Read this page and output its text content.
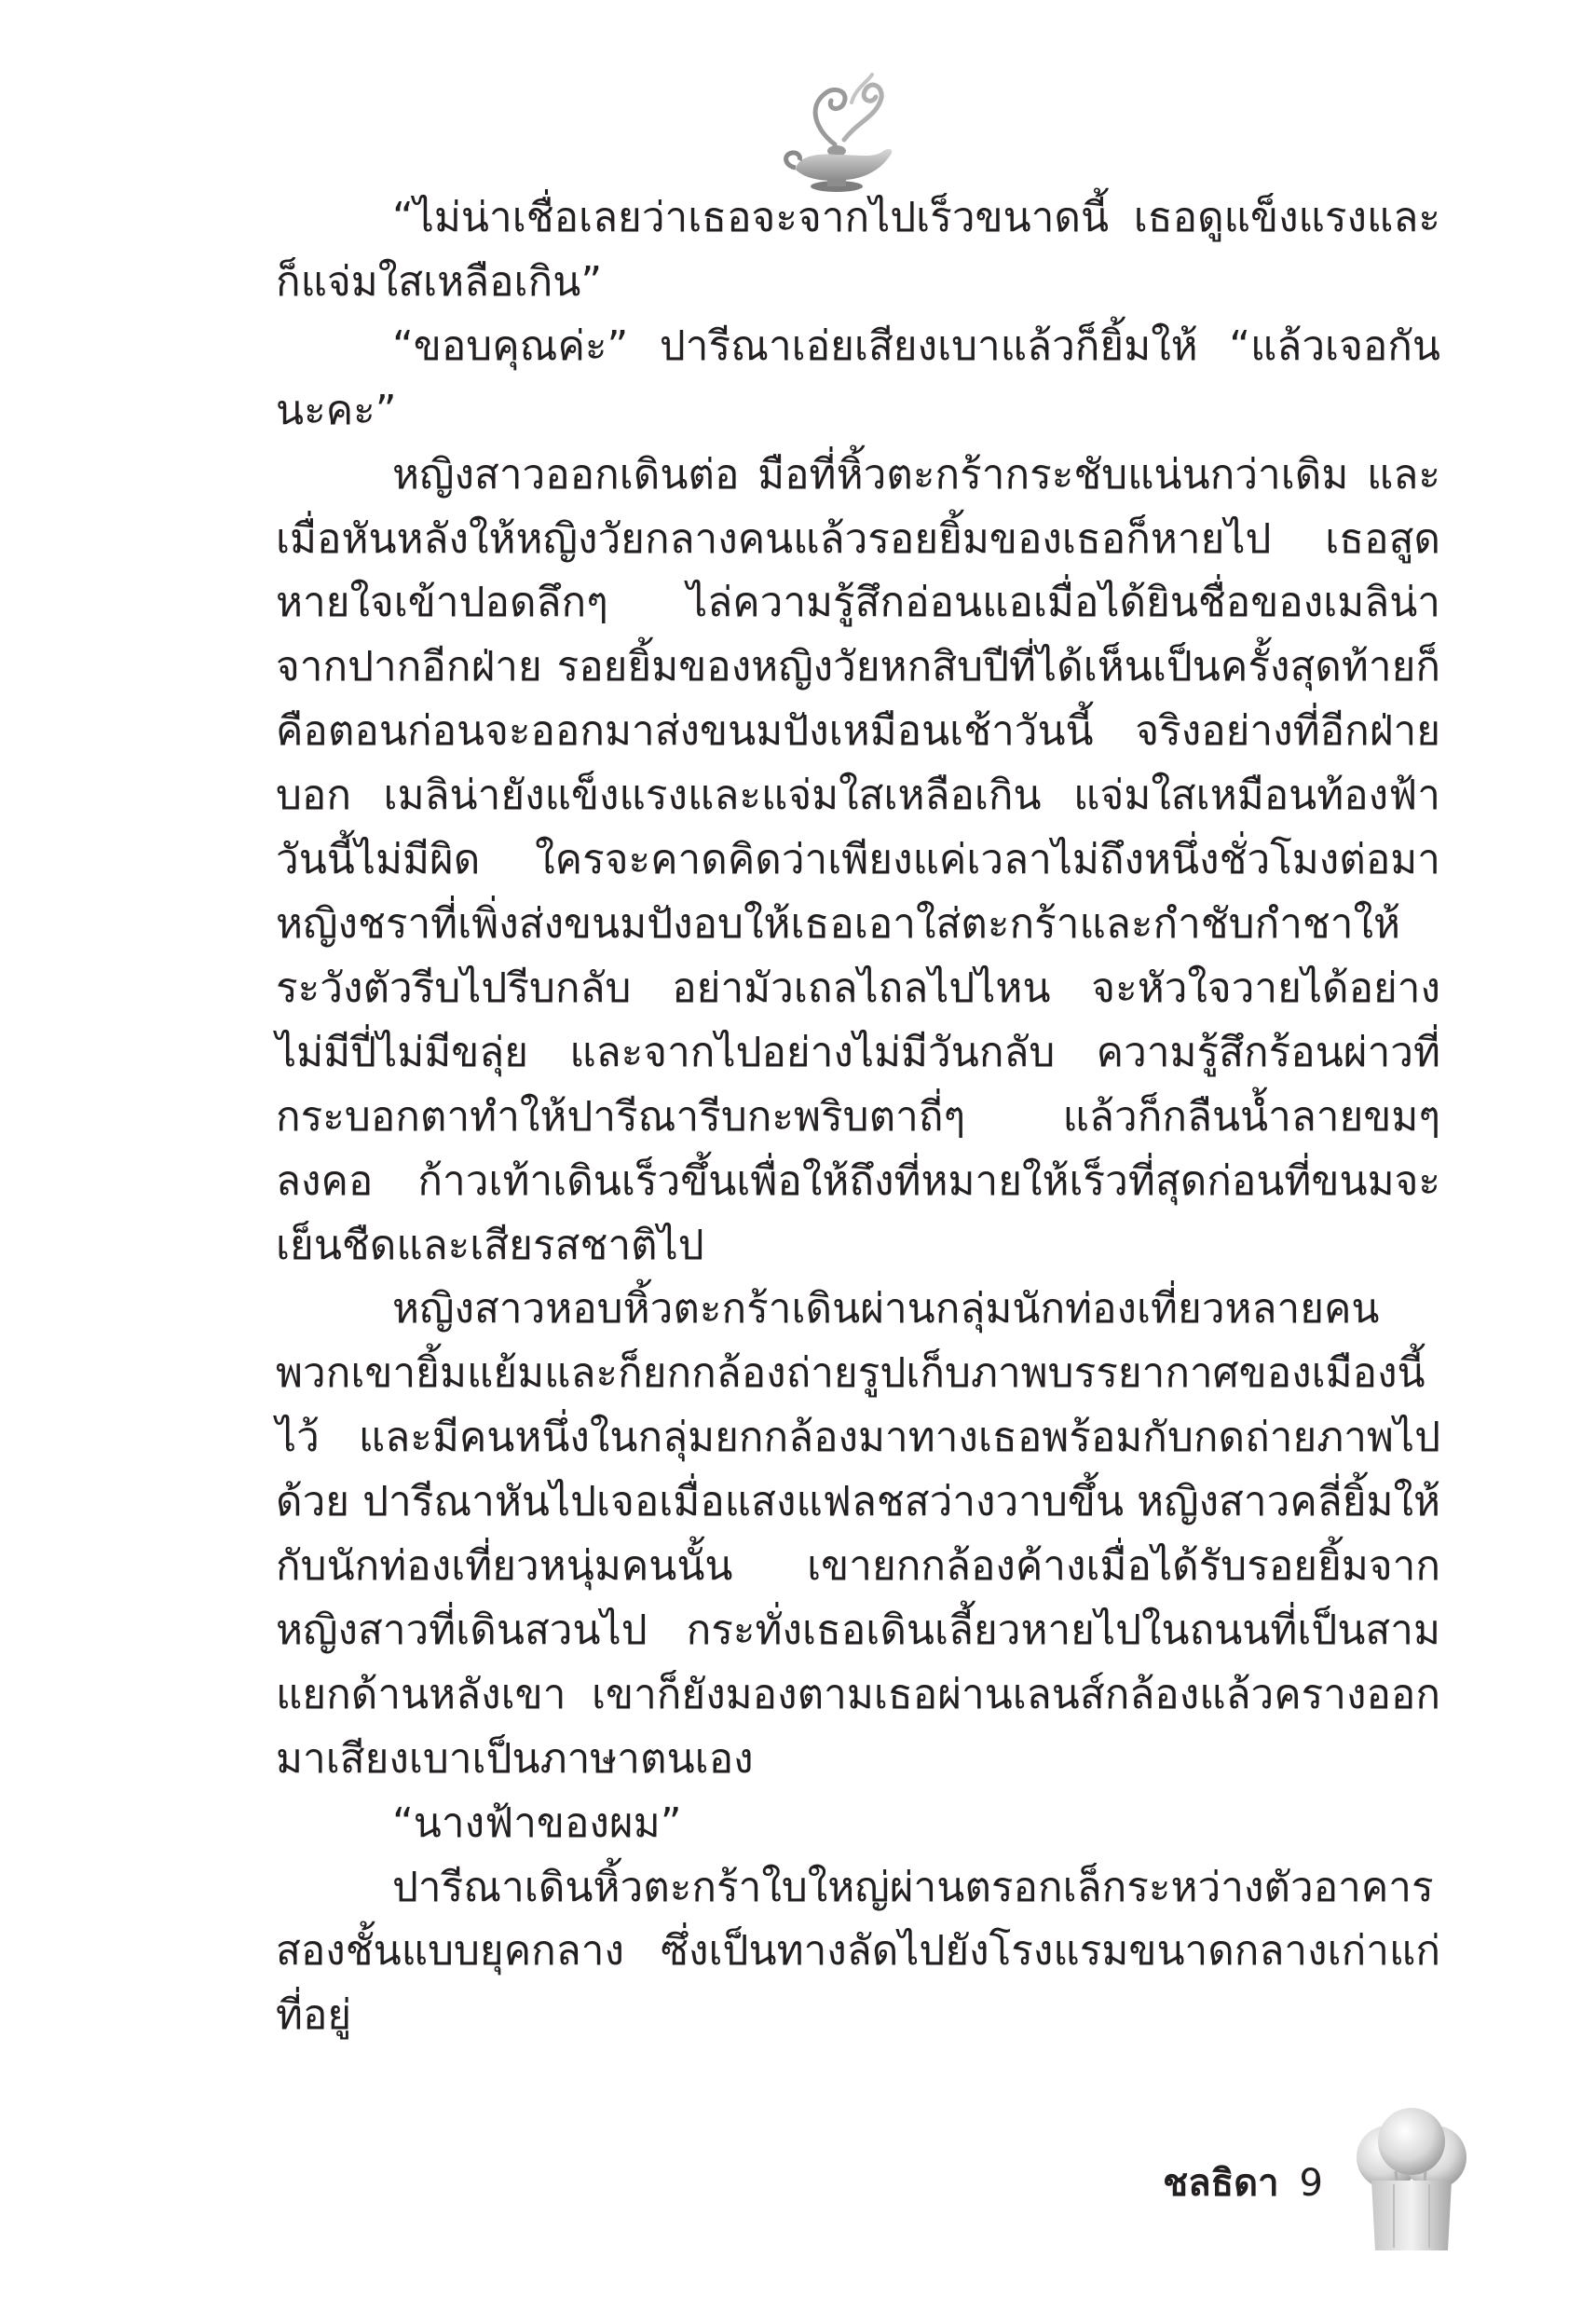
“ไม่น่าเชื่อเลยว่าเธอจะจากไปเร็วขนาดนี้ เธอดูแข็งแรงและก็แจ่มใสเหลือเกิน”

“ขอบคุณค่ะ” ปารีณาเอ่ยเสียงเบาแล้วก็ยิ้มให้ “แล้วเจอกันนะคะ”

หญิงสาวออกเดินต่อ มือที่หิ้วตะกร้ากระชับแน่นกว่าเดิม และเมื่อหันหลังให้หญิงวัยกลางคนแล้วรอยยิ้มของเธอก็หายไป เธอสูดหายใจเข้าปอดลึกๆ ไล่ความรู้สึกอ่อนแอเมื่อได้ยินชื่อของเมลิน่าจากปากอีกฝ่าย รอยยิ้มของหญิงวัยหกสิบปีที่ได้เห็นเป็นครั้งสุดท้ายก็คือตอนก่อนจะออกมาส่งขนมปังเหมือนเช้าวันนี้ จริงอย่างที่อีกฝ่ายบอก เมลิน่ายังแข็งแรงและแจ่มใสเหลือเกิน แจ่มใสเหมือนท้องฟ้าวันนี้ไม่มีผิด ใครจะคาดคิดว่าเพียงแค่เวลาไม่ถึงหนึ่งชั่วโมงต่อมา หญิงชราที่เพิ่งส่งขนมปังอบให้เธอเอาใส่ตะกร้าและกำชับกำชาให้ระวังตัวรีบไปรีบกลับ อย่ามัวเถลไถลไปไหน จะหัวใจวายได้อย่างไม่มีปี่ไม่มีขลุ่ย และจากไปอย่างไม่มีวันกลับ ความรู้สึกร้อนผ่าวที่กระบอกตาทำให้ปารีณารีบกะพริบตาถี่ๆ แล้วก็กลืนน้ำลายขมๆ ลงคอ ก้าวเท้าเดินเร็วขึ้นเพื่อให้ถึงที่หมายให้เร็วที่สุดก่อนที่ขนมจะเย็นชืดและเสียรสชาติไป

หญิงสาวหอบหิ้วตะกร้าเดินผ่านกลุ่มนักท่องเที่ยวหลายคน พวกเขายิ้มแย้มและก็ยกกล้องถ่ายรูปเก็บภาพบรรยากาศของเมืองนี้ไว้ และมีคนหนึ่งในกลุ่มยกกล้องมาทางเธอพร้อมกับกดถ่ายภาพไปด้วย ปารีณาหันไปเจอเมื่อแสงแฟลชสว่างวาบขึ้น หญิงสาวคลี่ยิ้มให้กับนักท่องเที่ยวหนุ่มคนนั้น เขายกกล้องค้างเมื่อได้รับรอยยิ้มจากหญิงสาวที่เดินสวนไป กระทั่งเธอเดินเลี้ยวหายไปในถนนที่เป็นสามแยกด้านหลังเขา เขาก็ยังมองตามเธอผ่านเลนส์กล้องแล้วครางออกมาเสียงเบาเป็นภาษาตนเอง

“นางฟ้าของผม”

ปารีณาเดินหิ้วตะกร้าใบใหญ่ผ่านตรอกเล็กระหว่างตัวอาคารสองชั้นแบบยุคกลาง ซึ่งเป็นทางลัดไปยังโรงแรมขนาดกลางเก่าแก่ที่อยู่

ชลธิดา 9
